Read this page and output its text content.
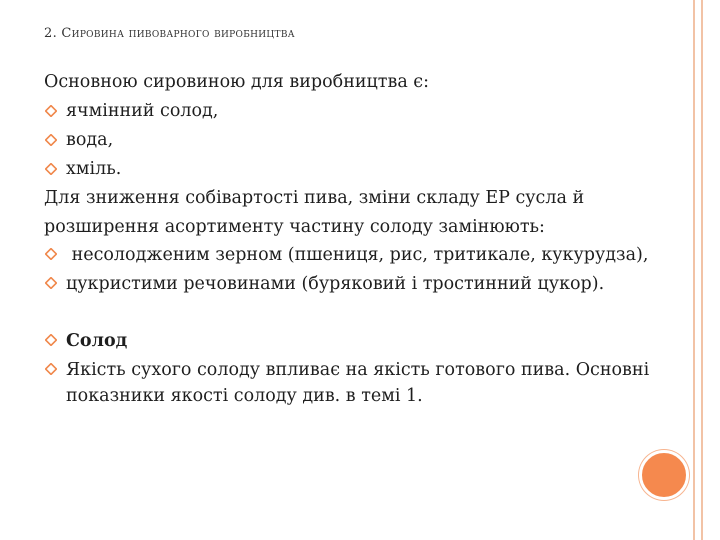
2. Сировина пивоварного виробництва

Основною сировиною для виробництва є:

ячмінний солод,
вода,
хміль.

Для зниження собівартості пива, зміни складу ЕР сусла й розширення асортименту частину солоду замінюють:

несолодженим зерном (пшениця, рис, тритикале, кукурудза),
цукристими речовинами (буряковий і тростинний цукор).
Солод
Якість сухого солоду впливає на якість готового пива. Основні показники якості солоду див. в темі 1.
